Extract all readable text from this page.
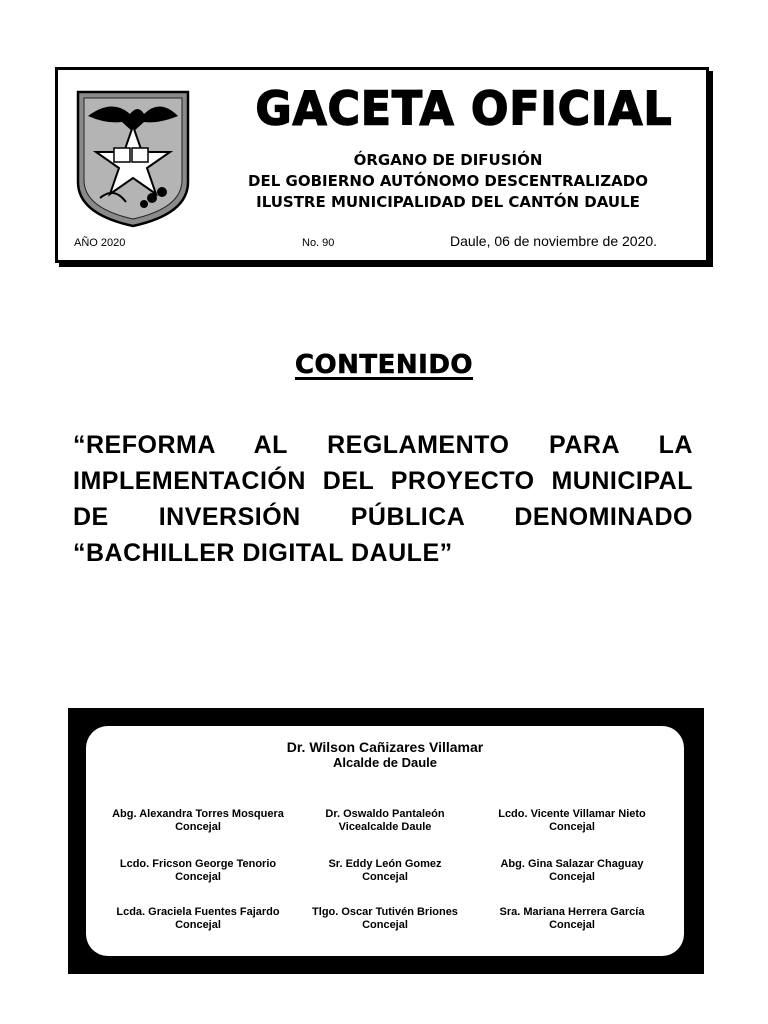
GACETA OFICIAL
ÓRGANO DE DIFUSIÓN
DEL GOBIERNO AUTÓNOMO DESCENTRALIZADO
ILUSTRE MUNICIPALIDAD DEL CANTÓN DAULE
AÑO 2020	No. 90	Daule, 06 de noviembre de 2020.
CONTENIDO
“REFORMA AL REGLAMENTO PARA LA IMPLEMENTACIÓN DEL PROYECTO MUNICIPAL DE INVERSIÓN PÚBLICA DENOMINADO “BACHILLER DIGITAL DAULE”
Dr. Wilson Cañizares Villamar
Alcalde de Daule
Abg. Alexandra Torres Mosquera
Concejal
Dr. Oswaldo Pantaleón
Vicealcalde Daule
Lcdo. Vicente Villamar Nieto
Concejal
Lcdo. Fricson George Tenorio
Concejal
Sr. Eddy León Gomez
Concejal
Abg. Gina Salazar Chaguay
Concejal
Lcda. Graciela Fuentes Fajardo
Concejal
Tlgo. Oscar Tutivén Briones
Concejal
Sra. Mariana Herrera García
Concejal
